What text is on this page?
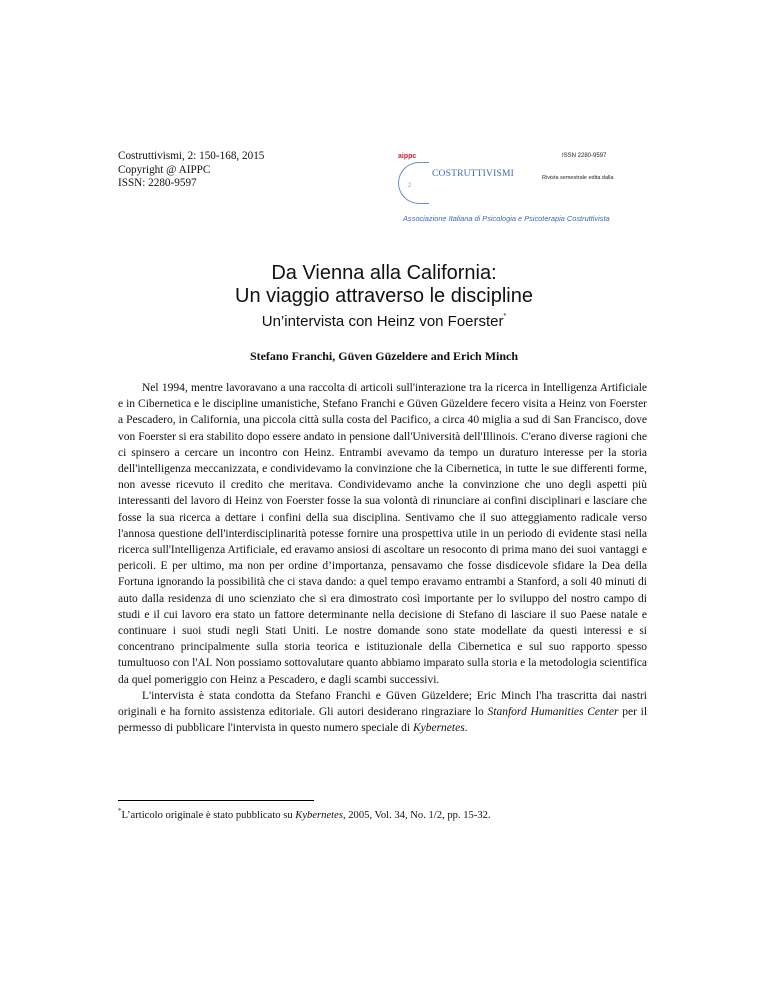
Costruttivismi, 2: 150-168, 2015
Copyright @ AIPPC
ISSN: 2280-9597
aippc	ISSN 2280-9597
COSTRUTTIVISMI
2
Rivista semestrale edita dalla
Associazione Italiana di Psicologia e Psicoterapia Costruttivista
Da Vienna alla California:
Un viaggio attraverso le discipline
Un’intervista con Heinz von Foerster*
Stefano Franchi, Güven Güzeldere and Erich Minch

Nel 1994, mentre lavoravano a una raccolta di articoli sull'interazione tra la ricerca in Intelligenza Artificiale e in Cibernetica e le discipline umanistiche, Stefano Franchi e Güven Güzeldere fecero visita a Heinz von Foerster a Pescadero, in California, una piccola città sulla costa del Pacifico, a circa 40 miglia a sud di San Francisco, dove von Foerster si era stabilito dopo essere andato in pensione dall'Università dell'Illinois. C'erano diverse ragioni che ci spinsero a cercare un incontro con Heinz. Entrambi avevamo da tempo un duraturo interesse per la storia dell'intelligenza meccanizzata, e condividevamo la convinzione che la Cibernetica, in tutte le sue differenti forme, non avesse ricevuto il credito che meritava. Condividevamo anche la convinzione che uno degli aspetti più interessanti del lavoro di Heinz von Foerster fosse la sua volontà di rinunciare ai confini disciplinari e lasciare che fosse la sua ricerca a dettare i confini della sua disciplina. Sentivamo che il suo atteggiamento radicale verso l'annosa questione dell'interdisciplinarità potesse fornire una prospettiva utile in un periodo di evidente stasi nella ricerca sull'Intelligenza Artificiale, ed eravamo ansiosi di ascoltare un resoconto di prima mano dei suoi vantaggi e pericoli. E per ultimo, ma non per ordine d’importanza, pensavamo che fosse disdicevole sfidare la Dea della Fortuna ignorando la possibilità che ci stava dando: a quel tempo eravamo entrambi a Stanford, a soli 40 minuti di auto dalla residenza di uno scienziato che si era dimostrato così importante per lo sviluppo del nostro campo di studi e il cui lavoro era stato un fattore determinante nella decisione di Stefano di lasciare il suo Paese natale e continuare i suoi studi negli Stati Uniti. Le nostre domande sono state modellate da questi interessi e si concentrano principalmente sulla storia teorica e istituzionale della Cibernetica e sul suo rapporto spesso tumultuoso con l'AI. Non possiamo sottovalutare quanto abbiamo imparato sulla storia e la metodologia scientifica da quel pomeriggio con Heinz a Pescadero, e dagli scambi successivi.

L'intervista è stata condotta da Stefano Franchi e Güven Güzeldere; Eric Minch l'ha trascritta dai nastri originali e ha fornito assistenza editoriale. Gli autori desiderano ringraziare lo Stanford Humanities Center per il permesso di pubblicare l'intervista in questo numero speciale di Kybernetes.

*L’articolo originale è stato pubblicato su Kybernetes, 2005, Vol. 34, No. 1/2, pp. 15-32.
